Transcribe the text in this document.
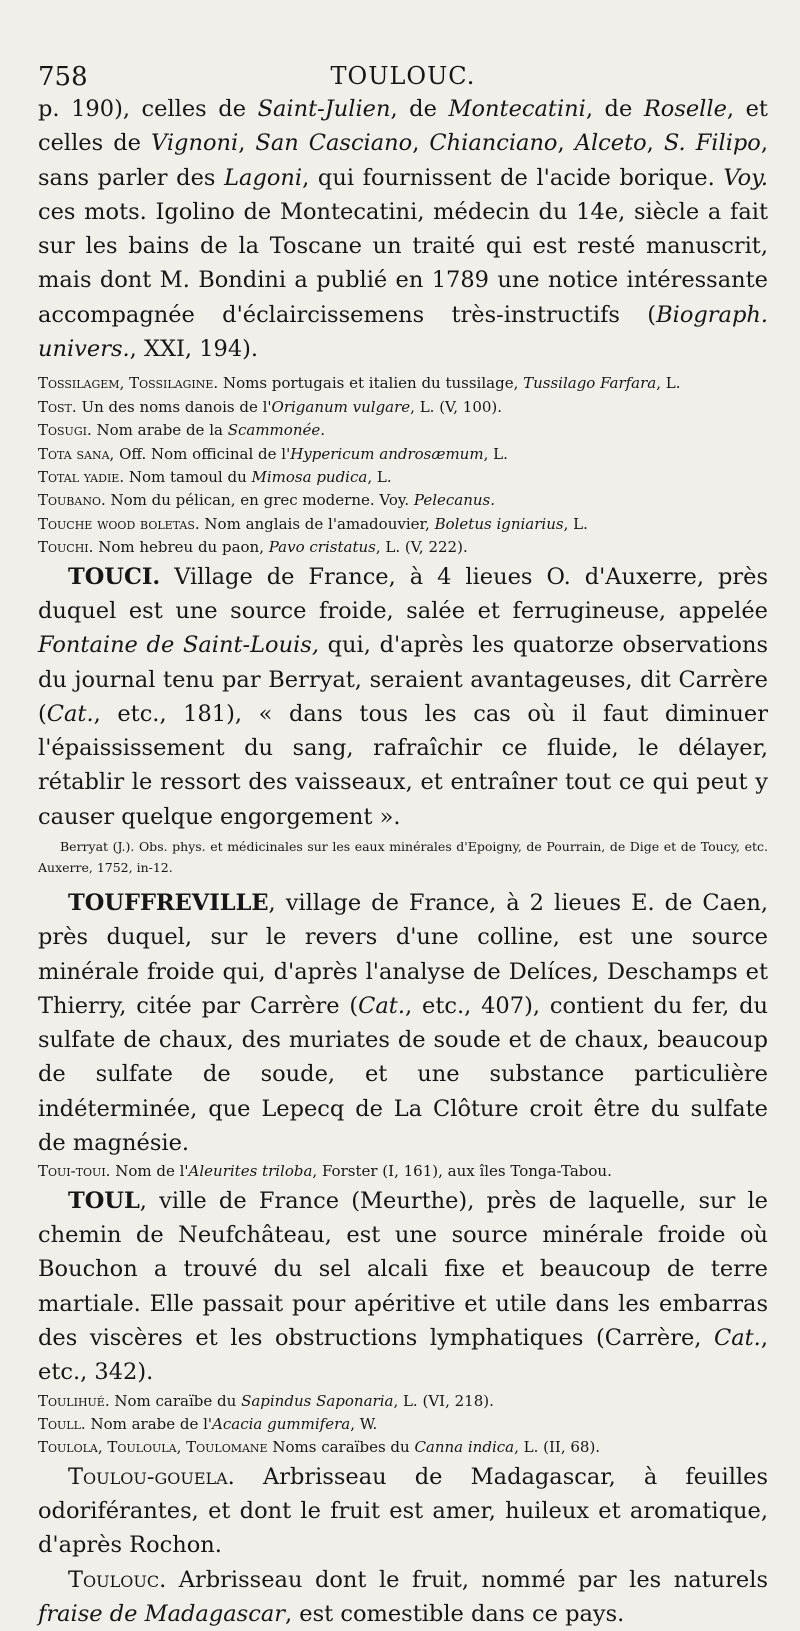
758	TOULOUC.

p. 190), celles de Saint-Julien, de Montecatini, de Roselle, et celles de Vignoni, San Casciano, Chianciano, Alceto, S. Filipo, sans parler des Lagoni, qui fournissent de l'acide borique. Voy. ces mots. Igolino de Montecatini, médecin du 14e, siècle a fait sur les bains de la Toscane un traité qui est resté manuscrit, mais dont M. Bondini a publié en 1789 une notice intéressante accompagnée d'éclaircissemens très-instructifs (Biograph. univers., XXI, 194).

Tossilagem, Tossilagine. Noms portugais et italien du tussilage, Tussilago Farfara, L.

Tost. Un des noms danois de l'Origanum vulgare, L. (V, 100).

Tosugi. Nom arabe de la Scammonée.

Tota sana, Off. Nom officinal de l'Hypericum androsæmum, L.

Total yadie. Nom tamoul du Mimosa pudica, L.

Toubano. Nom du pélican, en grec moderne. Voy. Pelecanus.

Touche wood boletas. Nom anglais de l'amadouvier, Boletus igniarius, L.

Touchi. Nom hebreu du paon, Pavo cristatus, L. (V, 222).

TOUCI. Village de France, à 4 lieues O. d'Auxerre, près duquel est une source froide, salée et ferrugineuse, appelée Fontaine de Saint-Louis, qui, d'après les quatorze observations du journal tenu par Berryat, seraient avantageuses, dit Carrère (Cat., etc., 181), « dans tous les cas où il faut diminuer l'épaississement du sang, rafraîchir ce fluide, le délayer, rétablir le ressort des vaisseaux, et entraîner tout ce qui peut y causer quelque engorgement ».

Berryat (J.). Obs. phys. et médicinales sur les eaux minérales d'Epoigny, de Pourrain, de Dige et de Toucy, etc. Auxerre, 1752, in-12.

TOUFFREVILLE, village de France, à 2 lieues E. de Caen, près duquel, sur le revers d'une colline, est une source minérale froide qui, d'après l'analyse de Delíces, Deschamps et Thierry, citée par Carrère (Cat., etc., 407), contient du fer, du sulfate de chaux, des muriates de soude et de chaux, beaucoup de sulfate de soude, et une substance particulière indéterminée, que Lepecq de La Clôture croit être du sulfate de magnésie.

Toui-toui. Nom de l'Aleurites triloba, Forster (I, 161), aux îles Tonga-Tabou.

TOUL, ville de France (Meurthe), près de laquelle, sur le chemin de Neufchâteau, est une source minérale froide où Bouchon a trouvé du sel alcali fixe et beaucoup de terre martiale. Elle passait pour apéritive et utile dans les embarras des viscères et les obstructions lymphatiques (Carrère, Cat., etc., 342).

Toulihué. Nom caraïbe du Sapindus Saponaria, L. (VI, 218).

Toull. Nom arabe de l'Acacia gummifera, W.

Toulola, Touloula, Toulomane Noms caraïbes du Canna indica, L. (II, 68).

Toulou-gouela. Arbrisseau de Madagascar, à feuilles odoriférantes, et dont le fruit est amer, huileux et aromatique, d'après Rochon.

Toulouc. Arbrisseau dont le fruit, nommé par les naturels fraise de Madagascar, est comestible dans ce pays.
